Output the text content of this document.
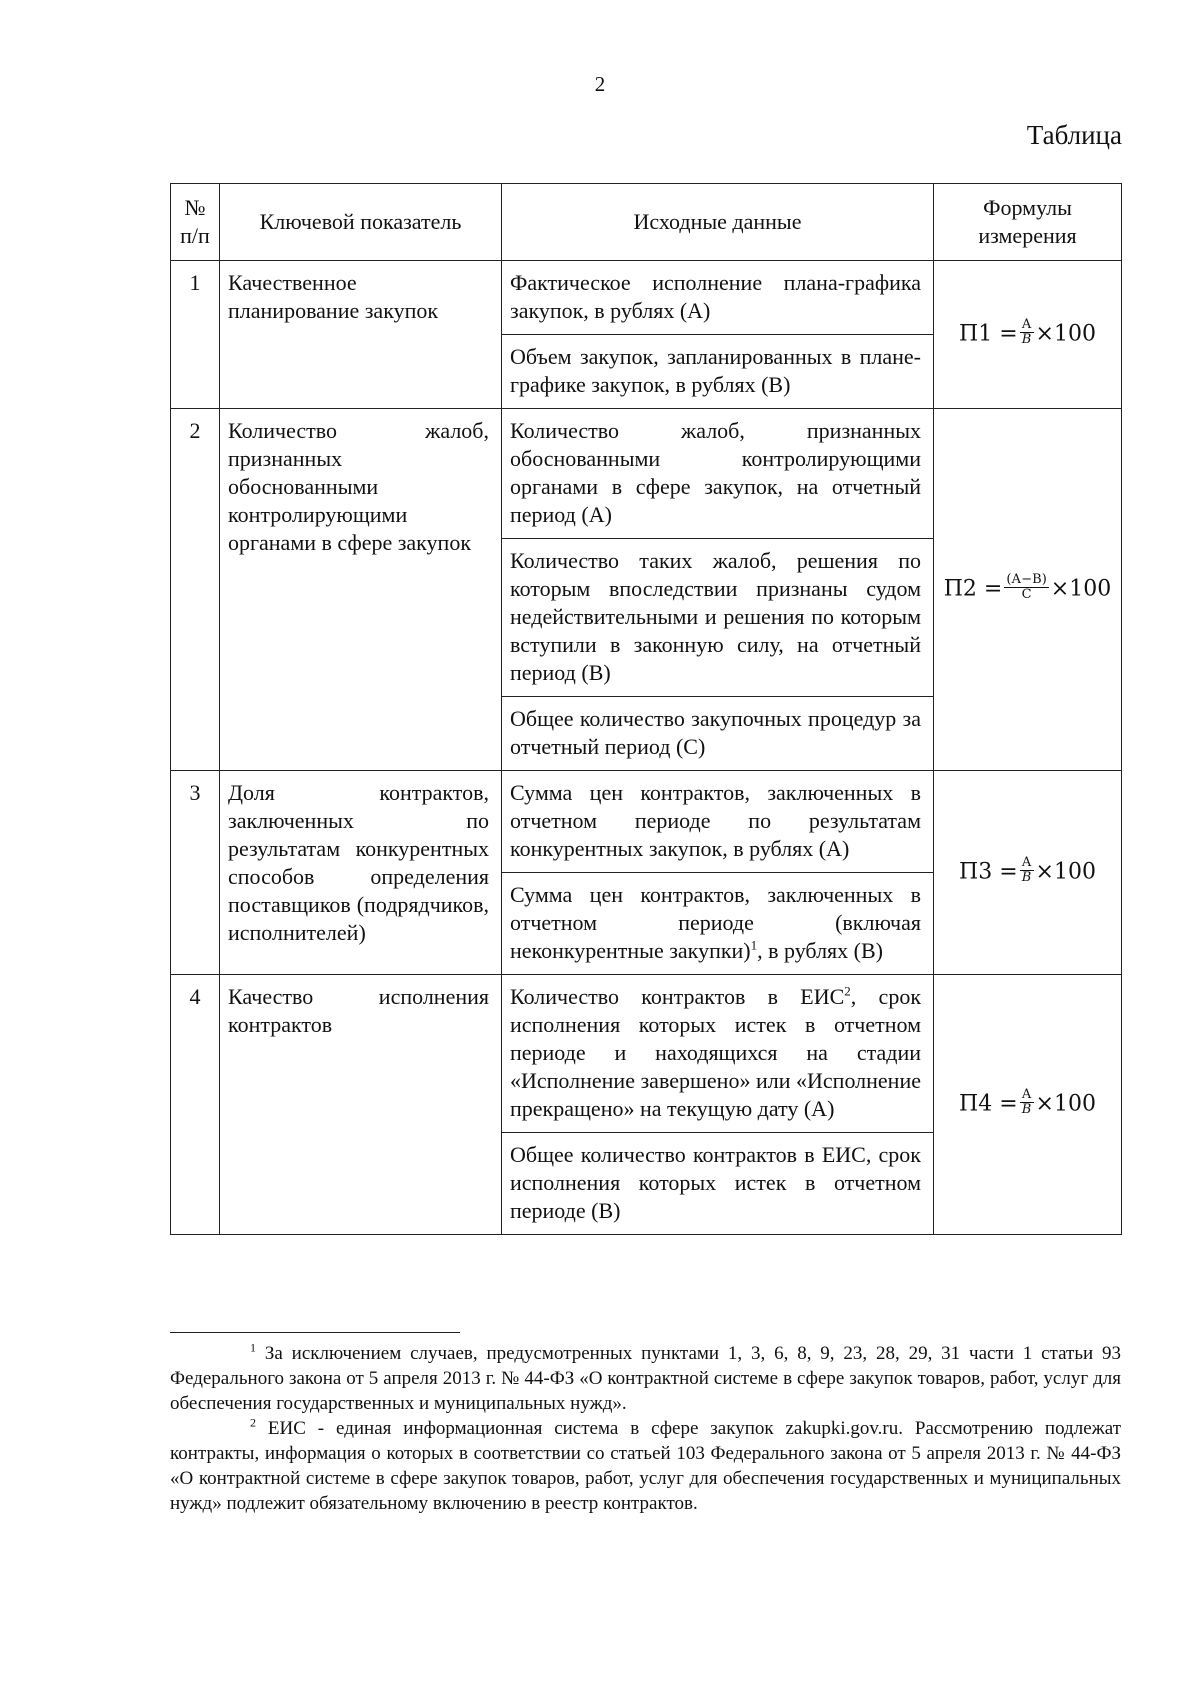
2
Таблица
№ п/п	Ключевой показатель	Исходные данные	Формулы измерения
1	Качественное планирование закупок	Фактическое исполнение плана-графика закупок, в рублях (А)	$П1 = \frac{А}{В} \times 100$
		Объем закупок, запланированных в плане-графике закупок, в рублях (В)	
2	Количество жалоб, признанных обоснованными контролирующими органами в сфере закупок	Количество жалоб, признанных обоснованными контролирующими органами в сфере закупок, на отчетный период (А)	$П2 = \frac{(А-В)}{С} \times 100$
		Количество таких жалоб, решения по которым впоследствии признаны судом недействительными и решения по которым вступили в законную силу, на отчетный период (В)	
		Общее количество закупочных процедур за отчетный период (С)	
3	Доля контрактов, заключенных по результатам конкурентных способов определения поставщиков (подрядчиков, исполнителей)	Сумма цен контрактов, заключенных в отчетном периоде по результатам конкурентных закупок, в рублях (А)	$П3 = \frac{А}{В} \times 100$
		Сумма цен контрактов, заключенных в отчетном периоде (включая неконкурентные закупки)$^1$, в рублях (В)	
4	Качество исполнения контрактов	Количество контрактов в ЕИС$^2$, срок исполнения которых истек в отчетном периоде и находящихся на стадии «Исполнение завершено» или «Исполнение прекращено» на текущую дату (А)	$П4 = \frac{А}{В} \times 100$
		Общее количество контрактов в ЕИС, срок исполнения которых истек в отчетном периоде (В)	

$^1$ За исключением случаев, предусмотренных пунктами 1, 3, 6, 8, 9, 23, 28, 29, 31 части 1 статьи 93 Федерального закона от 5 апреля 2013 г. № 44-ФЗ «О контрактной системе в сфере закупок товаров, работ, услуг для обеспечения государственных и муниципальных нужд».

$^2$ ЕИС - единая информационная система в сфере закупок zakupki.gov.ru. Рассмотрению подлежат контракты, информация о которых в соответствии со статьей 103 Федерального закона от 5 апреля 2013 г. № 44-ФЗ «О контрактной системе в сфере закупок товаров, работ, услуг для обеспечения государственных и муниципальных нужд» подлежит обязательному включению в реестр контрактов.
